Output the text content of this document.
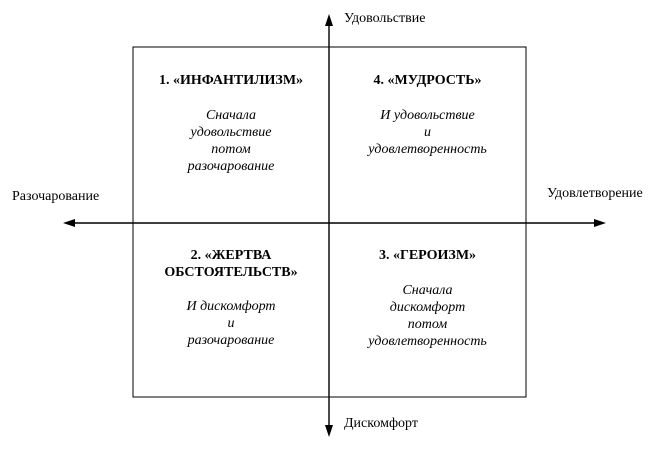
Удовольствие
Дискомфорт
Разочарование	Удовлетворение
1. «ИНФАНТИЛИЗМ»
Сначала
удовольствие
потом
разочарование
4. «МУДРОСТЬ»
И удовольствие
и
удовлетворенность
2. «ЖЕРТВА
ОБСТОЯТЕЛЬСТВ»
И дискомфорт
и
разочарование
3. «ГЕРОИЗМ»
Сначала
дискомфорт
потом
удовлетворенность
